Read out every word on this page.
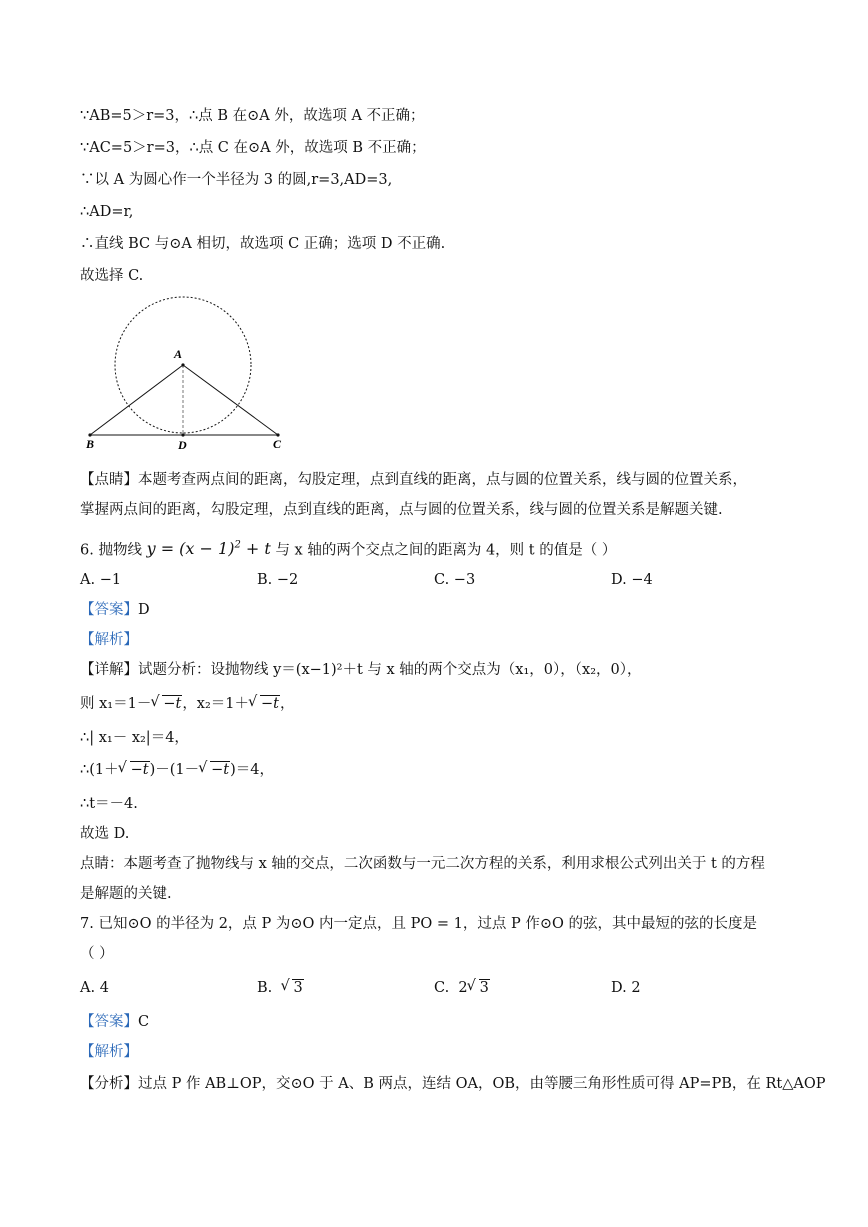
∵AB=5＞r=3，∴点 B 在⊙A 外，故选项 A 不正确；
∵AC=5＞r=3，∴点 C 在⊙A 外，故选项 B 不正确；
∵以 A 为圆心作一个半径为 3 的圆,r=3,AD=3,
∴AD=r,
∴直线 BC 与⊙A 相切，故选项 C 正确；选项 D 不正确.
故选择 C.
A
B	D	C
【点睛】本题考查两点间的距离，勾股定理，点到直线的距离，点与圆的位置关系，线与圆的位置关系，
掌握两点间的距离，勾股定理，点到直线的距离，点与圆的位置关系，线与圆的位置关系是解题关键.
6. 抛物线 $y = (x - 1)^2 + t$ 与 x 轴的两个交点之间的距离为 4，则 t 的值是（ ）
A. −1	B. −2	C. −3	D. −4
【答案】D
【解析】
【详解】试题分析：设抛物线 y＝(x−1)²＋t 与 x 轴的两个交点为（x₁，0），（x₂，0），
则 x₁＝1－ √ −t，x₂＝1＋ √ −t，
∴| x₁－ x₂|＝4，
∴(1＋ √ −t)－(1－ √ −t)＝4，
∴t＝－4.
故选 D.
点睛：本题考查了抛物线与 x 轴的交点，二次函数与一元二次方程的关系，利用求根公式列出关于 t 的方程
是解题的关键.
7. 已知⊙O 的半径为 2，点 P 为⊙O 内一定点，且 PO = 1，过点 P 作⊙O 的弦，其中最短的弦的长度是
（ ）
A. 4	B. √ 3	C. 2 √ 3	D. 2
【答案】C
【解析】
【分析】过点 P 作 AB⊥OP，交⊙O 于 A、B 两点，连结 OA，OB，由等腰三角形性质可得 AP=PB，在 Rt△AOP
